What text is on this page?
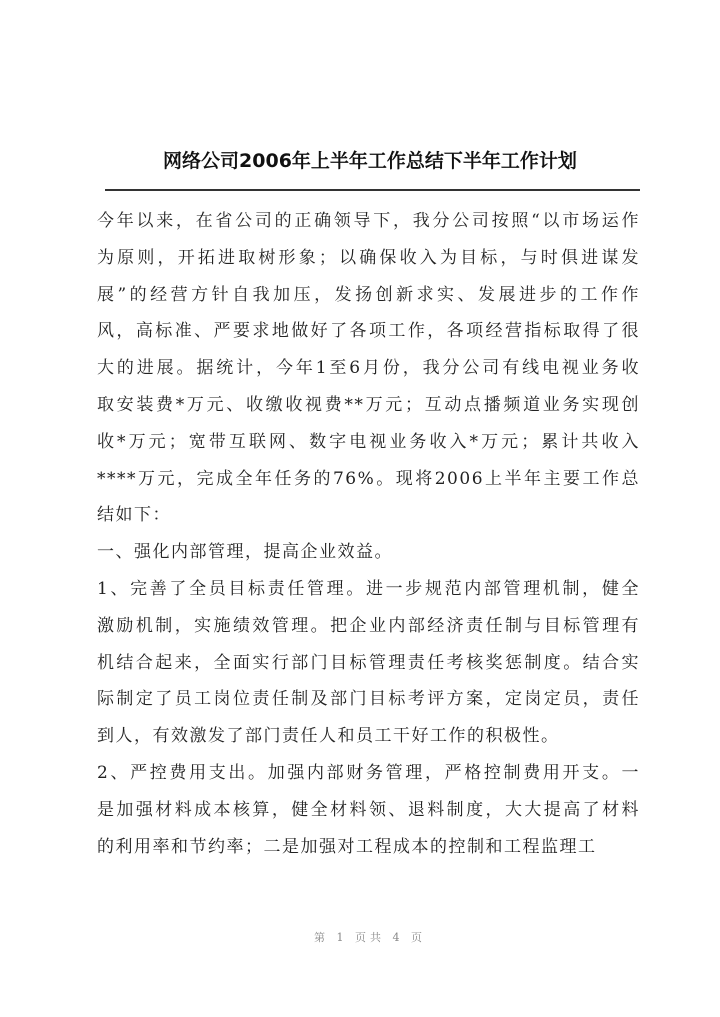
网络公司2006年上半年工作总结下半年工作计划
今年以来，在省公司的正确领导下，我分公司按照“以市场运作
为原则，开拓进取树形象；以确保收入为目标，与时俱进谋发
展”的经营方针自我加压，发扬创新求实、发展进步的工作作
风，高标准、严要求地做好了各项工作，各项经营指标取得了很
大的进展。据统计，今年1至6月份，我分公司有线电视业务收
取安装费*万元、收缴收视费**万元；互动点播频道业务实现创
收*万元；宽带互联网、数字电视业务收入*万元；累计共收入
****万元，完成全年任务的76%。现将2006上半年主要工作总
结如下：
一、强化内部管理，提高企业效益。
1、完善了全员目标责任管理。进一步规范内部管理机制，健全
激励机制，实施绩效管理。把企业内部经济责任制与目标管理有
机结合起来，全面实行部门目标管理责任考核奖惩制度。结合实
际制定了员工岗位责任制及部门目标考评方案，定岗定员，责任
到人，有效激发了部门责任人和员工干好工作的积极性。
2、严控费用支出。加强内部财务管理，严格控制费用开支。一
是加强材料成本核算，健全材料领、退料制度，大大提高了材料
的利用率和节约率；二是加强对工程成本的控制和工程监理工
第 1 页共 4 页
